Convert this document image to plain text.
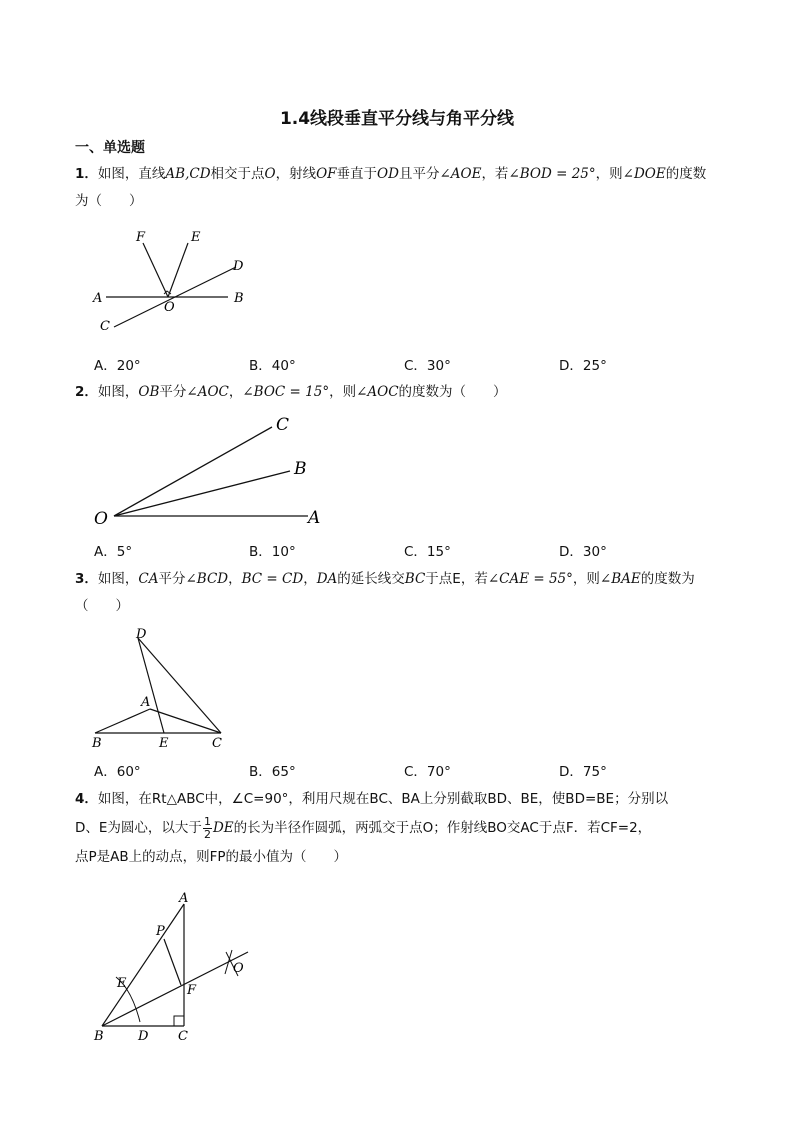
1.4线段垂直平分线与角平分线
一、单选题
1．如图，直线AB,CD相交于点O，射线OF垂直于OD且平分∠AOE，若∠BOD = 25°，则∠DOE的度数
为（　　）
F	E
D
A
O
B
C
A．20°	B．40°	C．30°	D．25°
2．如图，OB平分∠AOC，∠BOC = 15°，则∠AOC的度数为（　　）
C
B
O	A
A．5°	B．10°	C．15°	D．30°
3．如图，CA平分∠BCD，BC = CD，DA的延长线交BC于点E，若∠CAE = 55°，则∠BAE的度数为
（　　）
D
A
B	E	C
A．60°	B．65°	C．70°	D．75°
4．如图，在Rt△ABC中，∠C=90°，利用尺规在BC、BA上分别截取BD、BE，使BD=BE；分别以
D、E为圆心，以大于 $\frac{1}{2}$ DE的长为半径作圆弧，两弧交于点O；作射线BO交AC于点F．若CF=2，
点P是AB上的动点，则FP的最小值为（　　）
A
P
E
O
F
B	D C
